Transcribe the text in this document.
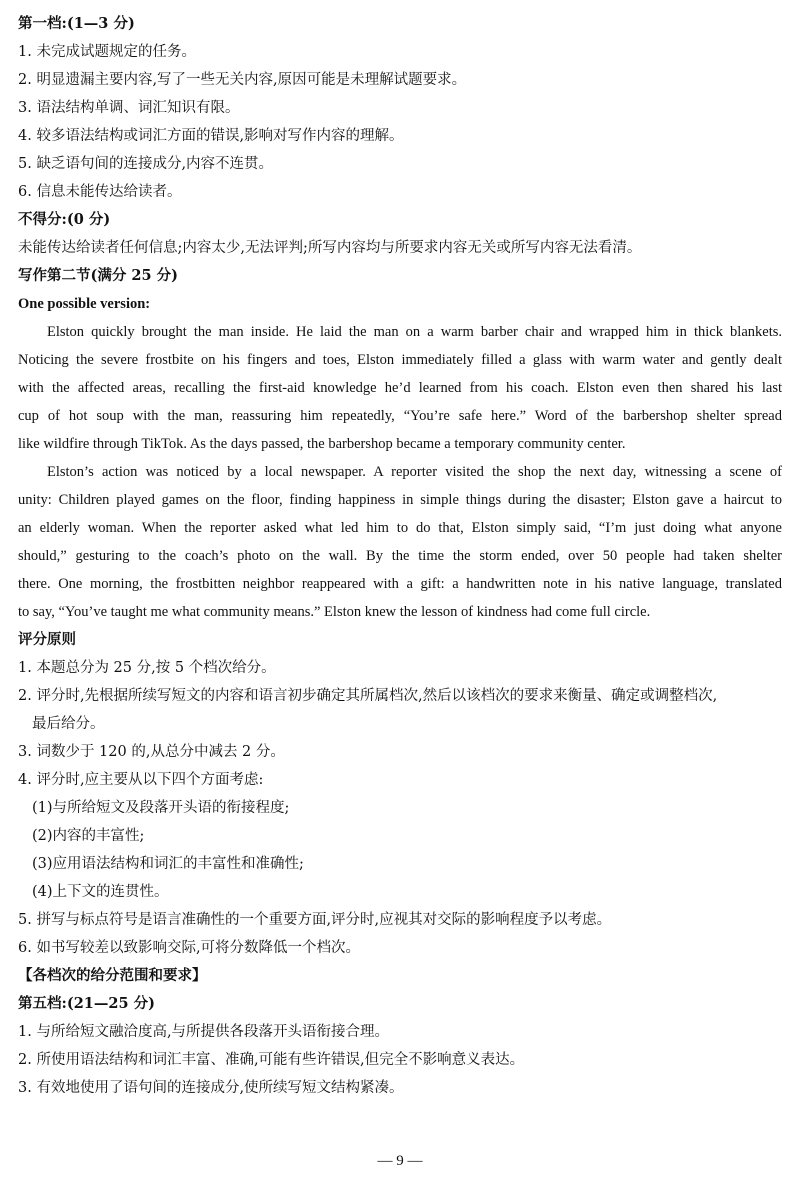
第一档:(1—3 分)
1. 未完成试题规定的任务。
2. 明显遗漏主要内容,写了一些无关内容,原因可能是未理解试题要求。
3. 语法结构单调、词汇知识有限。
4. 较多语法结构或词汇方面的错误,影响对写作内容的理解。
5. 缺乏语句间的连接成分,内容不连贯。
6. 信息未能传达给读者。
不得分:(0 分)
未能传达给读者任何信息;内容太少,无法评判;所写内容均与所要求内容无关或所写内容无法看清。
写作第二节(满分 25 分)
One possible version:
Elston quickly brought the man inside. He laid the man on a warm barber chair and wrapped him in thick blankets.
Noticing the severe frostbite on his fingers and toes, Elston immediately filled a glass with warm water and gently dealt
with the affected areas, recalling the first-aid knowledge he’d learned from his coach. Elston even then shared his last
cup of hot soup with the man, reassuring him repeatedly, “You’re safe here.” Word of the barbershop shelter spread
like wildfire through TikTok. As the days passed, the barbershop became a temporary community center.
Elston’s action was noticed by a local newspaper. A reporter visited the shop the next day, witnessing a scene of
unity: Children played games on the floor, finding happiness in simple things during the disaster; Elston gave a haircut to
an elderly woman. When the reporter asked what led him to do that, Elston simply said, “I’m just doing what anyone
should,” gesturing to the coach’s photo on the wall. By the time the storm ended, over 50 people had taken shelter
there. One morning, the frostbitten neighbor reappeared with a gift: a handwritten note in his native language, translated
to say, “You’ve taught me what community means.” Elston knew the lesson of kindness had come full circle.
评分原则
1. 本题总分为 25 分,按 5 个档次给分。
2. 评分时,先根据所续写短文的内容和语言初步确定其所属档次,然后以该档次的要求来衡量、确定或调整档次,
最后给分。
3. 词数少于 120 的,从总分中减去 2 分。
4. 评分时,应主要从以下四个方面考虑:
(1)与所给短文及段落开头语的衔接程度;
(2)内容的丰富性;
(3)应用语法结构和词汇的丰富性和准确性;
(4)上下文的连贯性。
5. 拼写与标点符号是语言准确性的一个重要方面,评分时,应视其对交际的影响程度予以考虑。
6. 如书写较差以致影响交际,可将分数降低一个档次。
【各档次的给分范围和要求】
第五档:(21—25 分)
1. 与所给短文融洽度高,与所提供各段落开头语衔接合理。
2. 所使用语法结构和词汇丰富、准确,可能有些许错误,但完全不影响意义表达。
3. 有效地使用了语句间的连接成分,使所续写短文结构紧凑。
— 9 —
